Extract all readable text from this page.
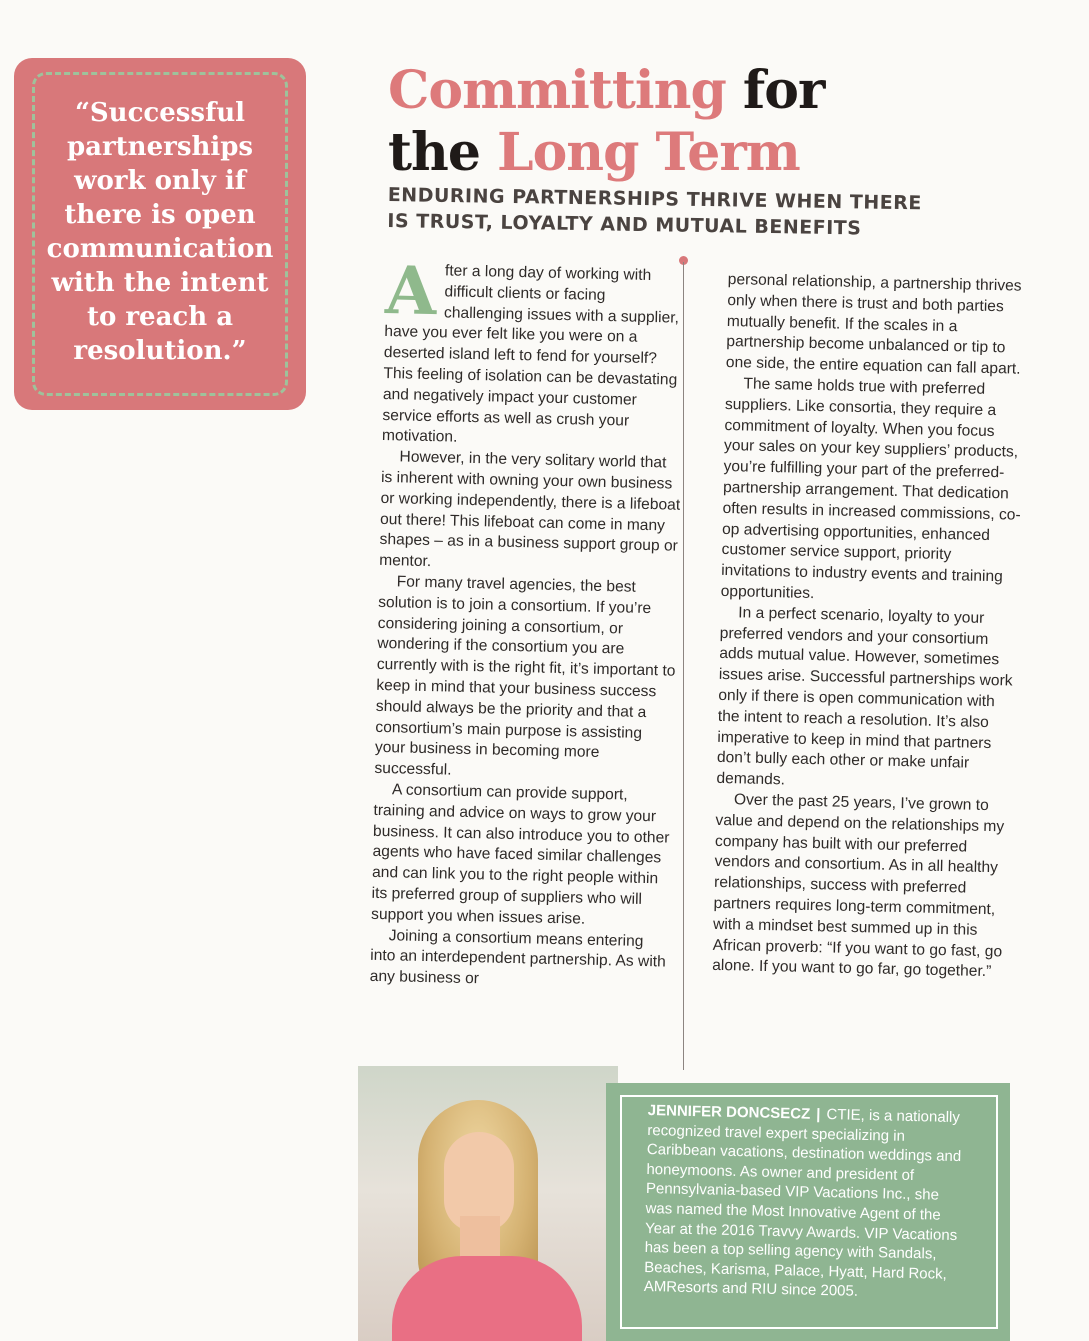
“Successful partnerships work only if there is open communication with the intent to reach a resolution.”
Committing for
the Long Term
ENDURING PARTNERSHIPS THRIVE WHEN THERE IS TRUST, LOYALTY AND MUTUAL BENEFITS

After a long day of working with difficult clients or facing challenging issues with a supplier, have you ever felt like you were on a deserted island left to fend for yourself? This feeling of isolation can be devastating and negatively impact your customer service efforts as well as crush your motivation.

However, in the very solitary world that is inherent with owning your own business or working independently, there is a lifeboat out there! This lifeboat can come in many shapes – as in a business support group or mentor.

For many travel agencies, the best solution is to join a consortium. If you’re considering joining a consortium, or wondering if the consortium you are currently with is the right fit, it’s important to keep in mind that your business success should always be the priority and that a consortium’s main purpose is assisting your business in becoming more successful.

A consortium can provide support, training and advice on ways to grow your business. It can also introduce you to other agents who have faced similar challenges and can link you to the right people within its preferred group of suppliers who will support you when issues arise.

Joining a consortium means entering into an interdependent partnership. As with any business or

personal relationship, a partnership thrives only when there is trust and both parties mutually benefit. If the scales in a partnership become unbalanced or tip to one side, the entire equation can fall apart.

The same holds true with preferred suppliers. Like consortia, they require a commitment of loyalty. When you focus your sales on your key suppliers’ products, you’re fulfilling your part of the preferred-partnership arrangement. That dedication often results in increased commissions, co-op advertising opportunities, enhanced customer service support, priority invitations to industry events and training opportunities.

In a perfect scenario, loyalty to your preferred vendors and your consortium adds mutual value. However, sometimes issues arise. Successful partnerships work only if there is open communication with the intent to reach a resolution. It’s also imperative to keep in mind that partners don’t bully each other or make unfair demands.

Over the past 25 years, I’ve grown to value and depend on the relationships my company has built with our preferred vendors and consortium. As in all healthy relationships, success with preferred partners requires long-term commitment, with a mindset best summed up in this African proverb: “If you want to go fast, go alone. If you want to go far, go together.”

JENNIFER DONCSECZ | CTIE, is a nationally recognized travel expert specializing in Caribbean vacations, destination weddings and honeymoons. As owner and president of Pennsylvania-based VIP Vacations Inc., she was named the Most Innovative Agent of the Year at the 2016 Travvy Awards. VIP Vacations has been a top selling agency with Sandals, Beaches, Karisma, Palace, Hyatt, Hard Rock, AMResorts and RIU since 2005.
